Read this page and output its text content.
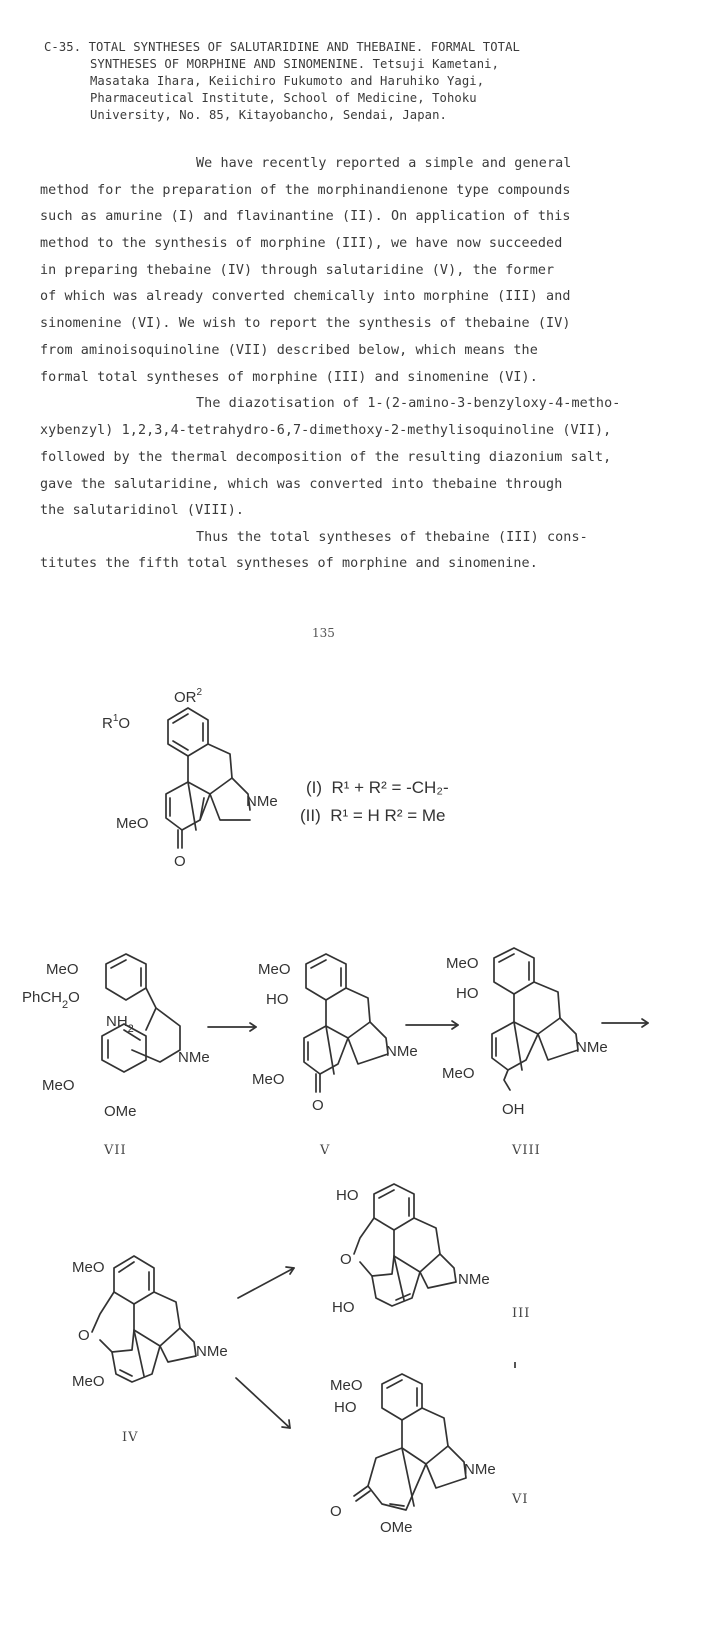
C-35. TOTAL SYNTHESES OF SALUTARIDINE AND THEBAINE. FORMAL TOTAL
SYNTHESES OF MORPHINE AND SINOMENINE. Tetsuji Kametani,
Masataka Ihara, Keiichiro Fukumoto and Haruhiko Yagi,
Pharmaceutical Institute, School of Medicine, Tohoku
University, No. 85, Kitayobancho, Sendai, Japan.
We have recently reported a simple and general
method for the preparation of the morphinandienone type compounds
such as amurine (I) and flavinantine (II). On application of this
method to the synthesis of morphine (III), we have now succeeded
in preparing thebaine (IV) through salutaridine (V), the former
of which was already converted chemically into morphine (III) and
sinomenine (VI). We wish to report the synthesis of thebaine (IV)
from aminoisoquinoline (VII) described below, which means the
formal total syntheses of morphine (III) and sinomenine (VI).
The diazotisation of 1-(2-amino-3-benzyloxy-4-metho-
xybenzyl) 1,2,3,4-tetrahydro-6,7-dimethoxy-2-methylisoquinoline (VII),
followed by the thermal decomposition of the resulting diazonium salt,
gave the salutaridine, which was converted into thebaine through
the salutaridinol (VIII).
Thus the total syntheses of thebaine (III) cons-
titutes the fifth total syntheses of morphine and sinomenine.
135
$R^1O$
$OR^2$
NMe
MeO
O
(I) R¹ + R² = -CH₂-
(II) R¹ = H R² = Me
MeO
PhCH$_2$O
$NH_2$
NMe
MeO
OMe
VII
MeO
HO
NMe
MeO
O
V
MeO
HO
NMe
MeO
OH
VIII
MeO
O
NMe
MeO
IV
HO
O
NMe
HO	III
MeO
HO
NMe
O
OMe
VI
